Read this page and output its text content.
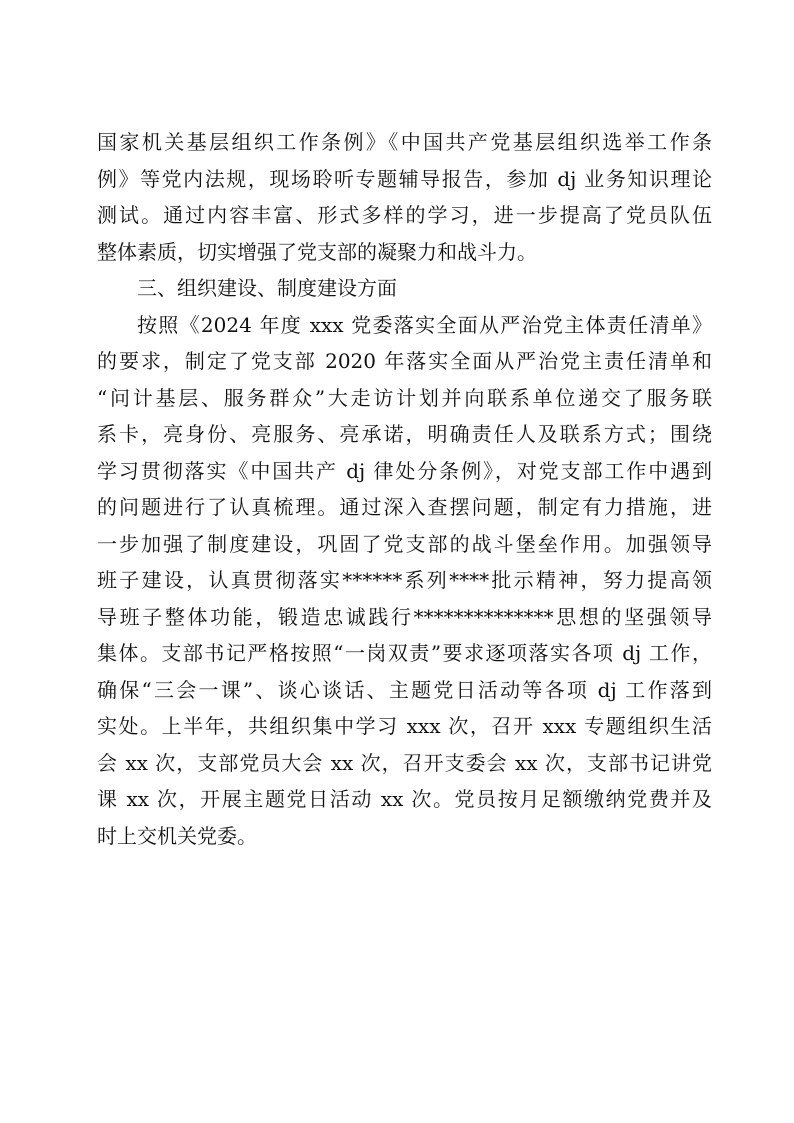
国家机关基层组织工作条例》《中国共产党基层组织选举工作条
例》等党内法规，现场聆听专题辅导报告，参加 dj 业务知识理论
测试。通过内容丰富、形式多样的学习，进一步提高了党员队伍
整体素质，切实增强了党支部的凝聚力和战斗力。
三、组织建设、制度建设方面
按照《2024 年度 xxx 党委落实全面从严治党主体责任清单》
的要求，制定了党支部 2020 年落实全面从严治党主责任清单和
“问计基层、服务群众”大走访计划并向联系单位递交了服务联
系卡，亮身份、亮服务、亮承诺，明确责任人及联系方式；围绕
学习贯彻落实《中国共产 dj 律处分条例》，对党支部工作中遇到
的问题进行了认真梳理。通过深入查摆问题，制定有力措施，进
一步加强了制度建设，巩固了党支部的战斗堡垒作用。加强领导
班子建设，认真贯彻落实******系列****批示精神，努力提高领
导班子整体功能，锻造忠诚践行**************思想的坚强领导
集体。支部书记严格按照“一岗双责”要求逐项落实各项 dj 工作，
确保“三会一课”、谈心谈话、主题党日活动等各项 dj 工作落到
实处。上半年，共组织集中学习 xxx 次，召开 xxx 专题组织生活
会 xx 次，支部党员大会 xx 次，召开支委会 xx 次，支部书记讲党
课 xx 次，开展主题党日活动 xx 次。党员按月足额缴纳党费并及
时上交机关党委。
